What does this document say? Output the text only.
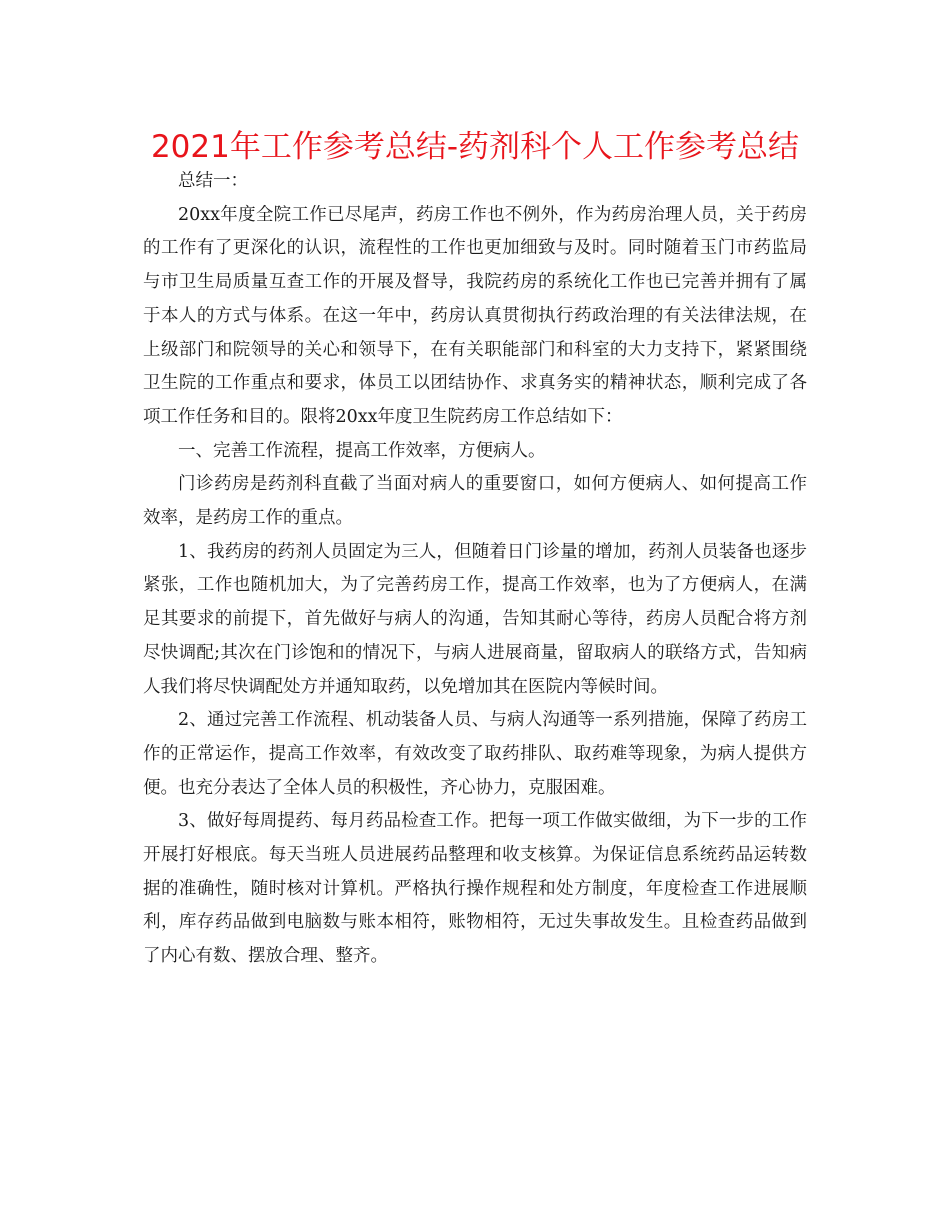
2021年工作参考总结-药剂科个人工作参考总结

总结一：

20xx年度全院工作已尽尾声，药房工作也不例外，作为药房治理人员，关于药房的工作有了更深化的认识，流程性的工作也更加细致与及时。同时随着玉门市药监局与市卫生局质量互查工作的开展及督导，我院药房的系统化工作也已完善并拥有了属于本人的方式与体系。在这一年中，药房认真贯彻执行药政治理的有关法律法规，在上级部门和院领导的关心和领导下，在有关职能部门和科室的大力支持下，紧紧围绕卫生院的工作重点和要求，体员工以团结协作、求真务实的精神状态，顺利完成了各项工作任务和目的。限将20xx年度卫生院药房工作总结如下：

一、完善工作流程，提高工作效率，方便病人。

门诊药房是药剂科直截了当面对病人的重要窗口，如何方便病人、如何提高工作效率，是药房工作的重点。

1、我药房的药剂人员固定为三人，但随着日门诊量的增加，药剂人员装备也逐步紧张，工作也随机加大，为了完善药房工作，提高工作效率，也为了方便病人，在满足其要求的前提下，首先做好与病人的沟通，告知其耐心等待，药房人员配合将方剂尽快调配;其次在门诊饱和的情况下，与病人进展商量，留取病人的联络方式，告知病人我们将尽快调配处方并通知取药，以免增加其在医院内等候时间。

2、通过完善工作流程、机动装备人员、与病人沟通等一系列措施，保障了药房工作的正常运作，提高工作效率，有效改变了取药排队、取药难等现象，为病人提供方便。也充分表达了全体人员的积极性，齐心协力，克服困难。

3、做好每周提药、每月药品检查工作。把每一项工作做实做细，为下一步的工作开展打好根底。每天当班人员进展药品整理和收支核算。为保证信息系统药品运转数据的准确性，随时核对计算机。严格执行操作规程和处方制度，年度检查工作进展顺利，库存药品做到电脑数与账本相符，账物相符，无过失事故发生。且检查药品做到了内心有数、摆放合理、整齐。
